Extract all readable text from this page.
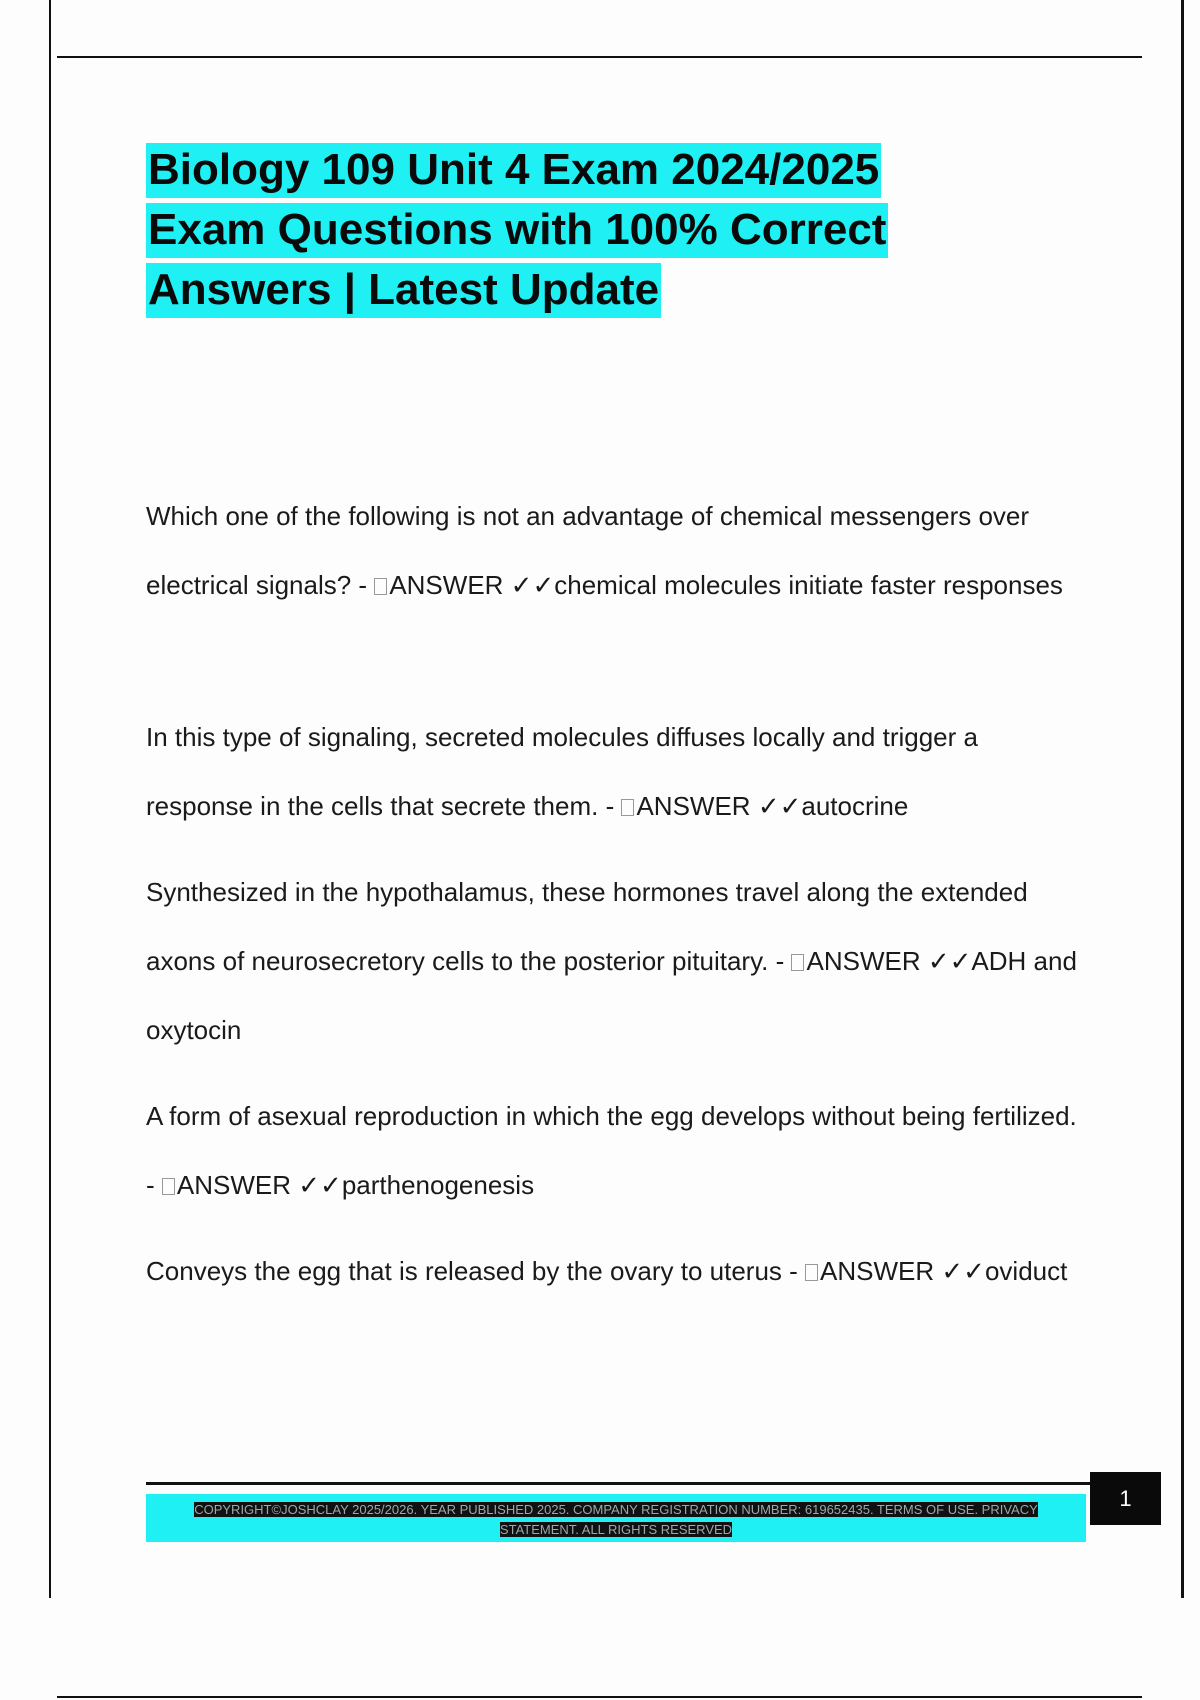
Biology 109 Unit 4 Exam 2024/2025
Exam Questions with 100% Correct
Answers | Latest Update

Which one of the following is not an advantage of chemical messengers over electrical signals? - ANSWER ✓✓chemical molecules initiate faster responses

In this type of signaling, secreted molecules diffuses locally and trigger a response in the cells that secrete them. - ANSWER ✓✓autocrine

Synthesized in the hypothalamus, these hormones travel along the extended axons of neurosecretory cells to the posterior pituitary. - ANSWER ✓✓ADH and oxytocin

A form of asexual reproduction in which the egg develops without being fertilized. - ANSWER ✓✓parthenogenesis

Conveys the egg that is released by the ovary to uterus - ANSWER ✓✓oviduct

COPYRIGHT©JOSHCLAY 2025/2026. YEAR PUBLISHED 2025. COMPANY REGISTRATION NUMBER: 619652435. TERMS OF USE. PRIVACY
STATEMENT. ALL RIGHTS RESERVED
1
